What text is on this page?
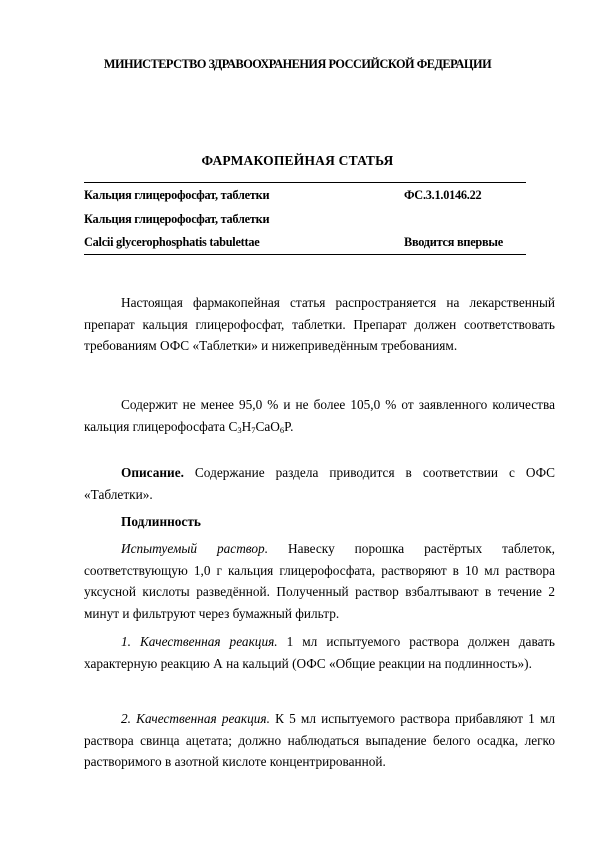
МИНИСТЕРСТВО ЗДРАВООХРАНЕНИЯ РОССИЙСКОЙ ФЕДЕРАЦИИ
ФАРМАКОПЕЙНАЯ СТАТЬЯ
Кальция глицерофосфат, таблетки	ФС.3.1.0146.22
Кальция глицерофосфат, таблетки
Calcii glycerophosphatis tabulettae	Вводится впервые

Настоящая фармакопейная статья распространяется на лекарственный препарат кальция глицерофосфат, таблетки. Препарат должен соответствовать требованиям ОФС «Таблетки» и нижеприведённым требованиям.

Содержит не менее 95,0 % и не более 105,0 % от заявленного количества кальция глицерофосфата $C_3H_7CaO_6P$.

Описание. Содержание раздела приводится в соответствии с ОФС «Таблетки».

Подлинность

Испытуемый раствор. Навеску порошка растёртых таблеток, соответствующую 1,0 г кальция глицерофосфата, растворяют в 10 мл раствора уксусной кислоты разведённой. Полученный раствор взбалтывают в течение 2 минут и фильтруют через бумажный фильтр.

1. Качественная реакция. 1 мл испытуемого раствора должен давать характерную реакцию А на кальций (ОФС «Общие реакции на подлинность»).

2. Качественная реакция. К 5 мл испытуемого раствора прибавляют 1 мл раствора свинца ацетата; должно наблюдаться выпадение белого осадка, легко растворимого в азотной кислоте концентрированной.
